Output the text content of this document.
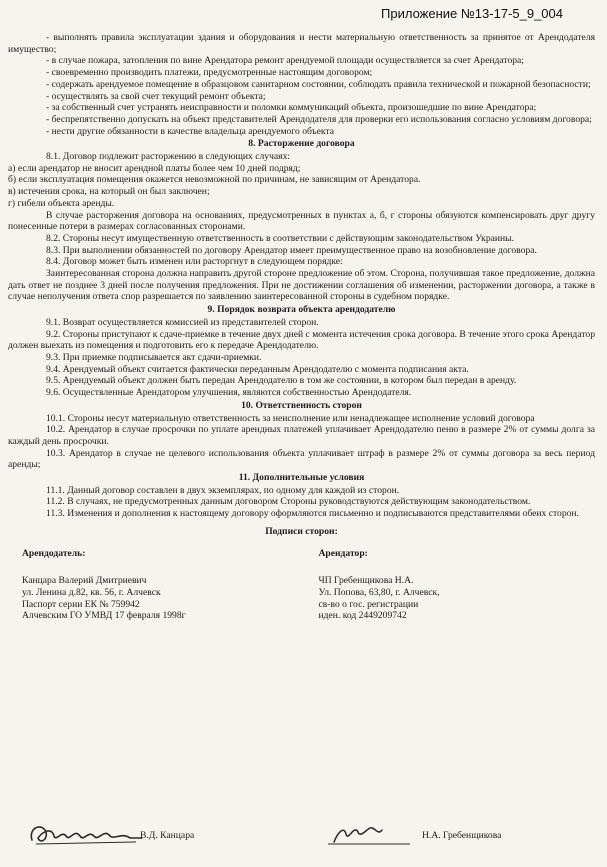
Приложение №13-17-5_9_004

- выполнять правила эксплуатации здания и оборудования и нести материальную ответственность за принятое от Арендодателя имущество;

- в случае пожара, затопления по вине Арендатора ремонт арендуемой площади осуществляется за счет Арендатора;

- своевременно производить платежи, предусмотренные настоящим договором;

- содержать арендуемое помещение в образцовом санитарном состоянии, соблюдать правила технической и пожарной безопасности;

- осуществлять за свой счет текущий ремонт объекта;

- за собственный счет устранять неисправности и поломки коммуникаций объекта, произошедшие по вине Арендатора;

- беспрепятственно допускать на объект представителей Арендодателя для проверки его использования согласно условиям договора;

- нести другие обязанности в качестве владельца арендуемого объекта

8. Расторжение договора

8.1. Договор подлежит расторжению в следующих случаях:

а) если арендатор не вносит арендной платы более чем 10 дней подряд;

б) если эксплуатация помещения окажется невозможной по причинам, не зависящим от Арендатора.

в) истечения срока, на который он был заключен;

г) гибели объекта аренды.

В случае расторжения договора на основаниях, предусмотренных в пунктах а, б, г стороны обязуются компенсировать друг другу понесенные потери в размерах согласованных сторонами.

8.2. Стороны несут имущественную ответственность в соответствии с действующим законодательством Украины.

8.3. При выполнении обязанностей по договору Арендатор имеет преимущественное право на возобновление договора.

8.4. Договор может быть изменен или расторгнут в следующем порядке:

Заинтересованная сторона должна направить другой стороне предложение об этом. Сторона, получившая такое предложение, должна дать ответ не позднее 3 дней после получения предложения. При не достижении соглашения об изменении, расторжении договора, а также в случае неполучения ответа спор разрешается по заявлению заинтересованной стороны в судебном порядке.

9. Порядок возврата объекта арендодателю

9.1. Возврат осуществляется комиссией из представителей сторон.

9.2. Стороны приступают к сдаче-приемке в течение двух дней с момента истечения срока договора. В течение этого срока Арендатор должен выехать из помещения и подготовить его к передаче Арендодателю.

9.3. При приемке подписывается акт сдачи-приемки.

9.4. Арендуемый объект считается фактически переданным Арендодателю с момента подписания акта.

9.5. Арендуемый объект должен быть передан Арендодателю в том же состоянии, в котором был передан в аренду.

9.6. Осуществленные Арендатором улучшения, являются собственностью Арендодателя.

10. Ответственность сторон

10.1. Стороны несут материальную ответственность за неисполнение или ненадлежащее исполнение условий договора

10.2. Арендатор в случае просрочки по уплате арендных платежей уплачивает Арендодателю пеню в размере 2% от суммы долга за каждый день просрочки.

10.3. Арендатор в случае не целевого использования объекта уплачивает штраф в размере 2% от суммы договора за весь период аренды;

11. Дополнительные условия

11.1. Данный договор составлен в двух экземплярах, по одному для каждой из сторон.

11.2. В случаях, не предусмотренных данным договором Стороны руководствуются действующим законодательством.

11.3. Изменения и дополнения к настоящему договору оформляются письменно и подписываются представителями обеих сторон.

Подписи сторон:

Арендодатель:
Канцара Валерий Дмитриевич
ул. Ленина д.82, кв. 56, г. Алчевск
Паспорт серии ЕК № 759942
Алчевским ГО УМВД 17 февраля 1998г
Арендатор:
ЧП Гребенщикова Н.А.
Ул. Попова, 63,80, г. Алчевск,
св-во о гос. регистрации
иден. код 2449209742
В.Д. Канцара	Н.А. Гребенщикова
